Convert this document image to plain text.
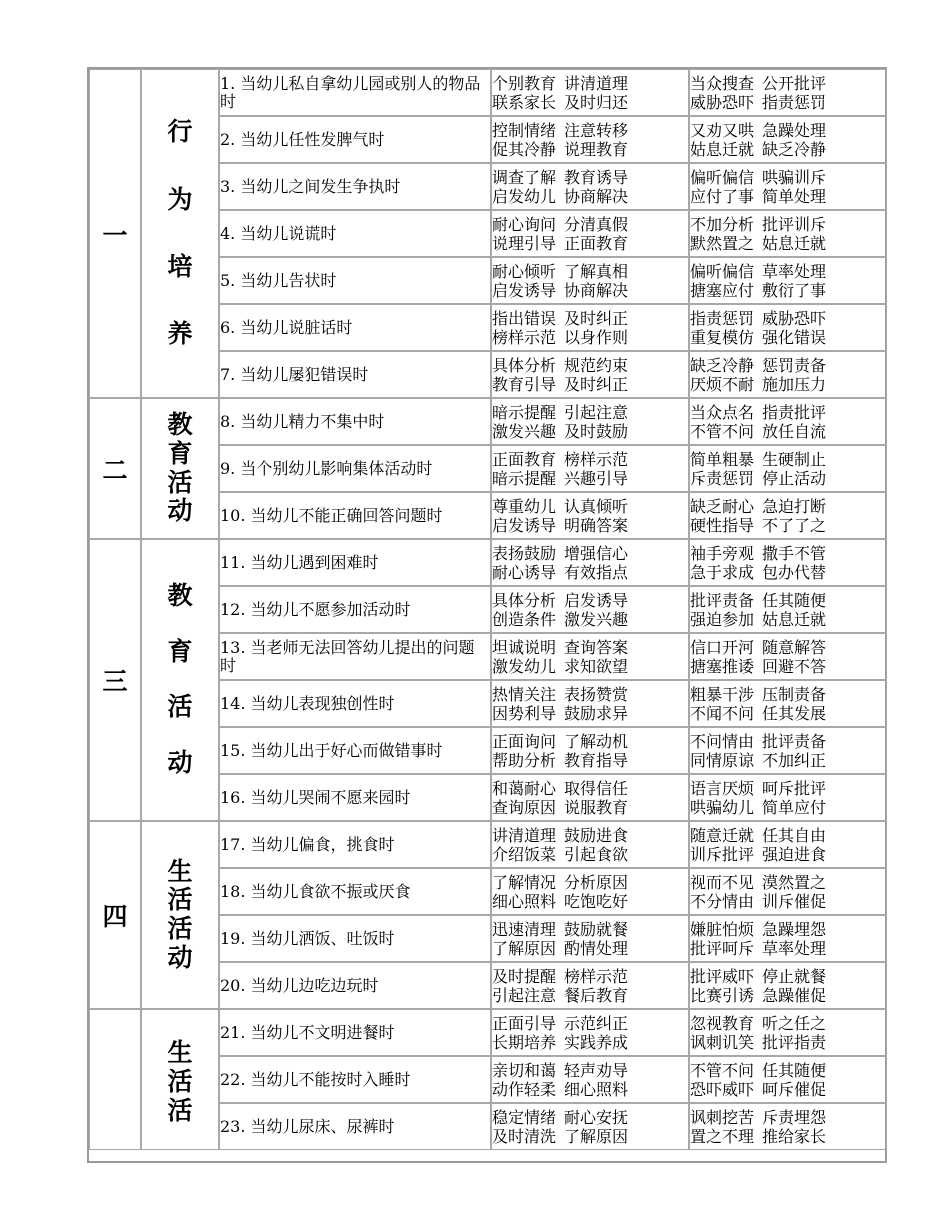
一	行
为
培
养	1. 当幼儿私自拿幼儿园或别人的物品时	个别教育 讲清道理
联系家长 及时归还	当众搜查 公开批评
威胁恐吓 指责惩罚

		2. 当幼儿任性发脾气时	控制情绪 注意转移
促其冷静 说理教育	又劝又哄 急躁处理
姑息迁就 缺乏冷静

		3. 当幼儿之间发生争执时	调查了解 教育诱导
启发幼儿 协商解决	偏听偏信 哄骗训斥
应付了事 简单处理

		4. 当幼儿说谎时	耐心询问 分清真假
说理引导 正面教育	不加分析 批评训斥
默然置之 姑息迁就

		5. 当幼儿告状时	耐心倾听 了解真相
启发诱导 协商解决	偏听偏信 草率处理
搪塞应付 敷衍了事

		6. 当幼儿说脏话时	指出错误 及时纠正
榜样示范 以身作则	指责惩罚 威胁恐吓
重复模仿 强化错误

		7. 当幼儿屡犯错误时	具体分析 规范约束
教育引导 及时纠正	缺乏冷静 惩罚责备
厌烦不耐 施加压力

二	教
育
活
动	8. 当幼儿精力不集中时	暗示提醒 引起注意
激发兴趣 及时鼓励	当众点名 指责批评
不管不问 放任自流

		9. 当个别幼儿影响集体活动时	正面教育 榜样示范
暗示提醒 兴趣引导	简单粗暴 生硬制止
斥责惩罚 停止活动

		10. 当幼儿不能正确回答问题时	尊重幼儿 认真倾听
启发诱导 明确答案	缺乏耐心 急迫打断
硬性指导 不了了之

三	教
育
活
动	11. 当幼儿遇到困难时	表扬鼓励 增强信心
耐心诱导 有效指点	袖手旁观 撒手不管
急于求成 包办代替

		12. 当幼儿不愿参加活动时	具体分析 启发诱导
创造条件 激发兴趣	批评责备 任其随便
强迫参加 姑息迁就

		13. 当老师无法回答幼儿提出的问题时	坦诚说明 查询答案
激发幼儿 求知欲望	信口开河 随意解答
搪塞推诿 回避不答

		14. 当幼儿表现独创性时	热情关注 表扬赞赏
因势利导 鼓励求异	粗暴干涉 压制责备
不闻不问 任其发展

		15. 当幼儿出于好心而做错事时	正面询问 了解动机
帮助分析 教育指导	不问情由 批评责备
同情原谅 不加纠正

		16. 当幼儿哭闹不愿来园时	和蔼耐心 取得信任
查询原因 说服教育	语言厌烦 呵斥批评
哄骗幼儿 简单应付

四	生
活
活
动	17. 当幼儿偏食，挑食时	讲清道理 鼓励进食
介绍饭菜 引起食欲	随意迁就 任其自由
训斥批评 强迫进食

		18. 当幼儿食欲不振或厌食	了解情况 分析原因
细心照料 吃饱吃好	视而不见 漠然置之
不分情由 训斥催促

		19. 当幼儿洒饭、吐饭时	迅速清理 鼓励就餐
了解原因 酌情处理	嫌脏怕烦 急躁埋怨
批评呵斥 草率处理

		20. 当幼儿边吃边玩时	及时提醒 榜样示范
引起注意 餐后教育	批评威吓 停止就餐
比赛引诱 急躁催促

	生
活
活	21. 当幼儿不文明进餐时	正面引导 示范纠正
长期培养 实践养成	忽视教育 听之任之
讽刺讥笑 批评指责

		22. 当幼儿不能按时入睡时	亲切和蔼 轻声劝导
动作轻柔 细心照料	不管不问 任其随便
恐吓威吓 呵斥催促

		23. 当幼儿尿床、尿裤时	稳定情绪 耐心安抚
及时清洗 了解原因	讽刺挖苦 斥责埋怨
置之不理 推给家长
